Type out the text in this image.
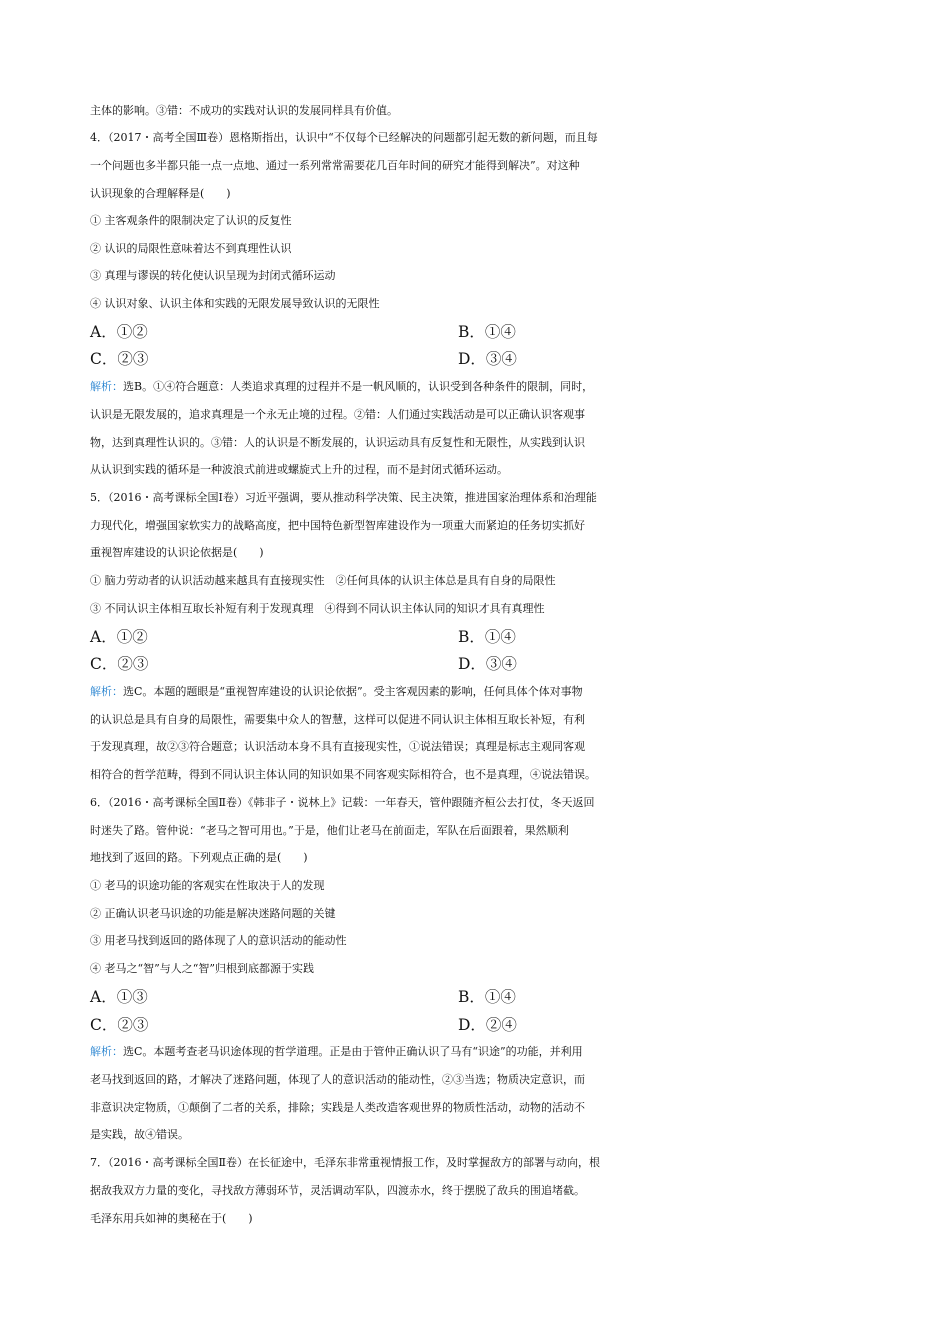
主体的影响。③错：不成功的实践对认识的发展同样具有价值。
4．（2017・高考全国Ⅲ卷）恩格斯指出，认识中“不仅每个已经解决的问题都引起无数的新问题，而且每
一个问题也多半都只能一点一点地、通过一系列常常需要花几百年时间的研究才能得到解决”。对这种
认识现象的合理解释是(　　)
① 主客观条件的限制决定了认识的反复性
② 认识的局限性意味着达不到真理性认识
③ 真理与谬误的转化使认识呈现为封闭式循环运动
④ 认识对象、认识主体和实践的无限发展导致认识的无限性
A．①②	B．①④
C．②③	D．③④
解析：选B。①④符合题意：人类追求真理的过程并不是一帆风顺的，认识受到各种条件的限制，同时，
认识是无限发展的，追求真理是一个永无止境的过程。②错：人们通过实践活动是可以正确认识客观事
物，达到真理性认识的。③错：人的认识是不断发展的，认识运动具有反复性和无限性，从实践到认识
从认识到实践的循环是一种波浪式前进或螺旋式上升的过程，而不是封闭式循环运动。
5．（2016・高考课标全国Ⅰ卷）习近平强调，要从推动科学决策、民主决策，推进国家治理体系和治理能
力现代化，增强国家软实力的战略高度，把中国特色新型智库建设作为一项重大而紧迫的任务切实抓好
重视智库建设的认识论依据是(　　)
① 脑力劳动者的认识活动越来越具有直接现实性　②任何具体的认识主体总是具有自身的局限性
③ 不同认识主体相互取长补短有利于发现真理　④得到不同认识主体认同的知识才具有真理性
A．①②	B．①④
C．②③	D．③④
解析：选C。本题的题眼是“重视智库建设的认识论依据”。受主客观因素的影响，任何具体个体对事物
的认识总是具有自身的局限性，需要集中众人的智慧，这样可以促进不同认识主体相互取长补短，有利
于发现真理，故②③符合题意；认识活动本身不具有直接现实性，①说法错误；真理是标志主观同客观
相符合的哲学范畴，得到不同认识主体认同的知识如果不同客观实际相符合，也不是真理，④说法错误。
6．（2016・高考课标全国Ⅱ卷）《韩非子・说林上》记载：一年春天，管仲跟随齐桓公去打仗，冬天返回
时迷失了路。管仲说：“老马之智可用也。”于是，他们让老马在前面走，军队在后面跟着，果然顺利
地找到了返回的路。下列观点正确的是(　　)
① 老马的识途功能的客观实在性取决于人的发现
② 正确认识老马识途的功能是解决迷路问题的关键
③ 用老马找到返回的路体现了人的意识活动的能动性
④ 老马之“智”与人之“智”归根到底都源于实践
A．①③	B．①④
C．②③	D．②④
解析：选C。本题考查老马识途体现的哲学道理。正是由于管仲正确认识了马有“识途”的功能，并利用
老马找到返回的路，才解决了迷路问题，体现了人的意识活动的能动性，②③当选；物质决定意识，而
非意识决定物质，①颠倒了二者的关系，排除；实践是人类改造客观世界的物质性活动，动物的活动不
是实践，故④错误。
7．（2016・高考课标全国Ⅱ卷）在长征途中，毛泽东非常重视情报工作，及时掌握敌方的部署与动向，根
据敌我双方力量的变化，寻找敌方薄弱环节，灵活调动军队，四渡赤水，终于摆脱了敌兵的围追堵截。
毛泽东用兵如神的奥秘在于(　　)
